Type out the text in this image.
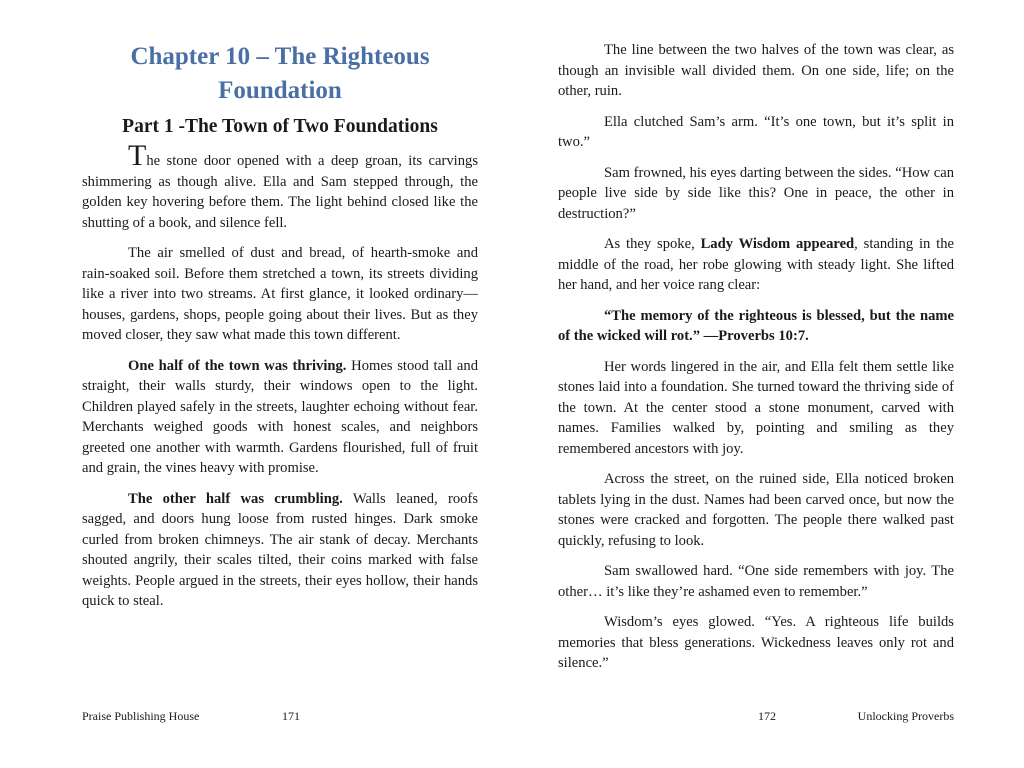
Chapter 10 – The Righteous Foundation
Part 1 -The Town of Two Foundations

The stone door opened with a deep groan, its carvings shimmering as though alive. Ella and Sam stepped through, the golden key hovering before them. The light behind closed like the shutting of a book, and silence fell.

The air smelled of dust and bread, of hearth-smoke and rain-soaked soil. Before them stretched a town, its streets dividing like a river into two streams. At first glance, it looked ordinary—houses, gardens, shops, people going about their lives. But as they moved closer, they saw what made this town different.

One half of the town was thriving. Homes stood tall and straight, their walls sturdy, their windows open to the light. Children played safely in the streets, laughter echoing without fear. Merchants weighed goods with honest scales, and neighbors greeted one another with warmth. Gardens flourished, full of fruit and grain, the vines heavy with promise.

The other half was crumbling. Walls leaned, roofs sagged, and doors hung loose from rusted hinges. Dark smoke curled from broken chimneys. The air stank of decay. Merchants shouted angrily, their scales tilted, their coins marked with false weights. People argued in the streets, their eyes hollow, their hands quick to steal.

Praise Publishing House	171

The line between the two halves of the town was clear, as though an invisible wall divided them. On one side, life; on the other, ruin.

Ella clutched Sam’s arm. “It’s one town, but it’s split in two.”

Sam frowned, his eyes darting between the sides. “How can people live side by side like this? One in peace, the other in destruction?”

As they spoke, Lady Wisdom appeared, standing in the middle of the road, her robe glowing with steady light. She lifted her hand, and her voice rang clear:

“The memory of the righteous is blessed, but the name of the wicked will rot.” —Proverbs 10:7.

Her words lingered in the air, and Ella felt them settle like stones laid into a foundation. She turned toward the thriving side of the town. At the center stood a stone monument, carved with names. Families walked by, pointing and smiling as they remembered ancestors with joy.

Across the street, on the ruined side, Ella noticed broken tablets lying in the dust. Names had been carved once, but now the stones were cracked and forgotten. The people there walked past quickly, refusing to look.

Sam swallowed hard. “One side remembers with joy. The other… it’s like they’re ashamed even to remember.”

Wisdom’s eyes glowed. “Yes. A righteous life builds memories that bless generations. Wickedness leaves only rot and silence.”

172	Unlocking Proverbs
